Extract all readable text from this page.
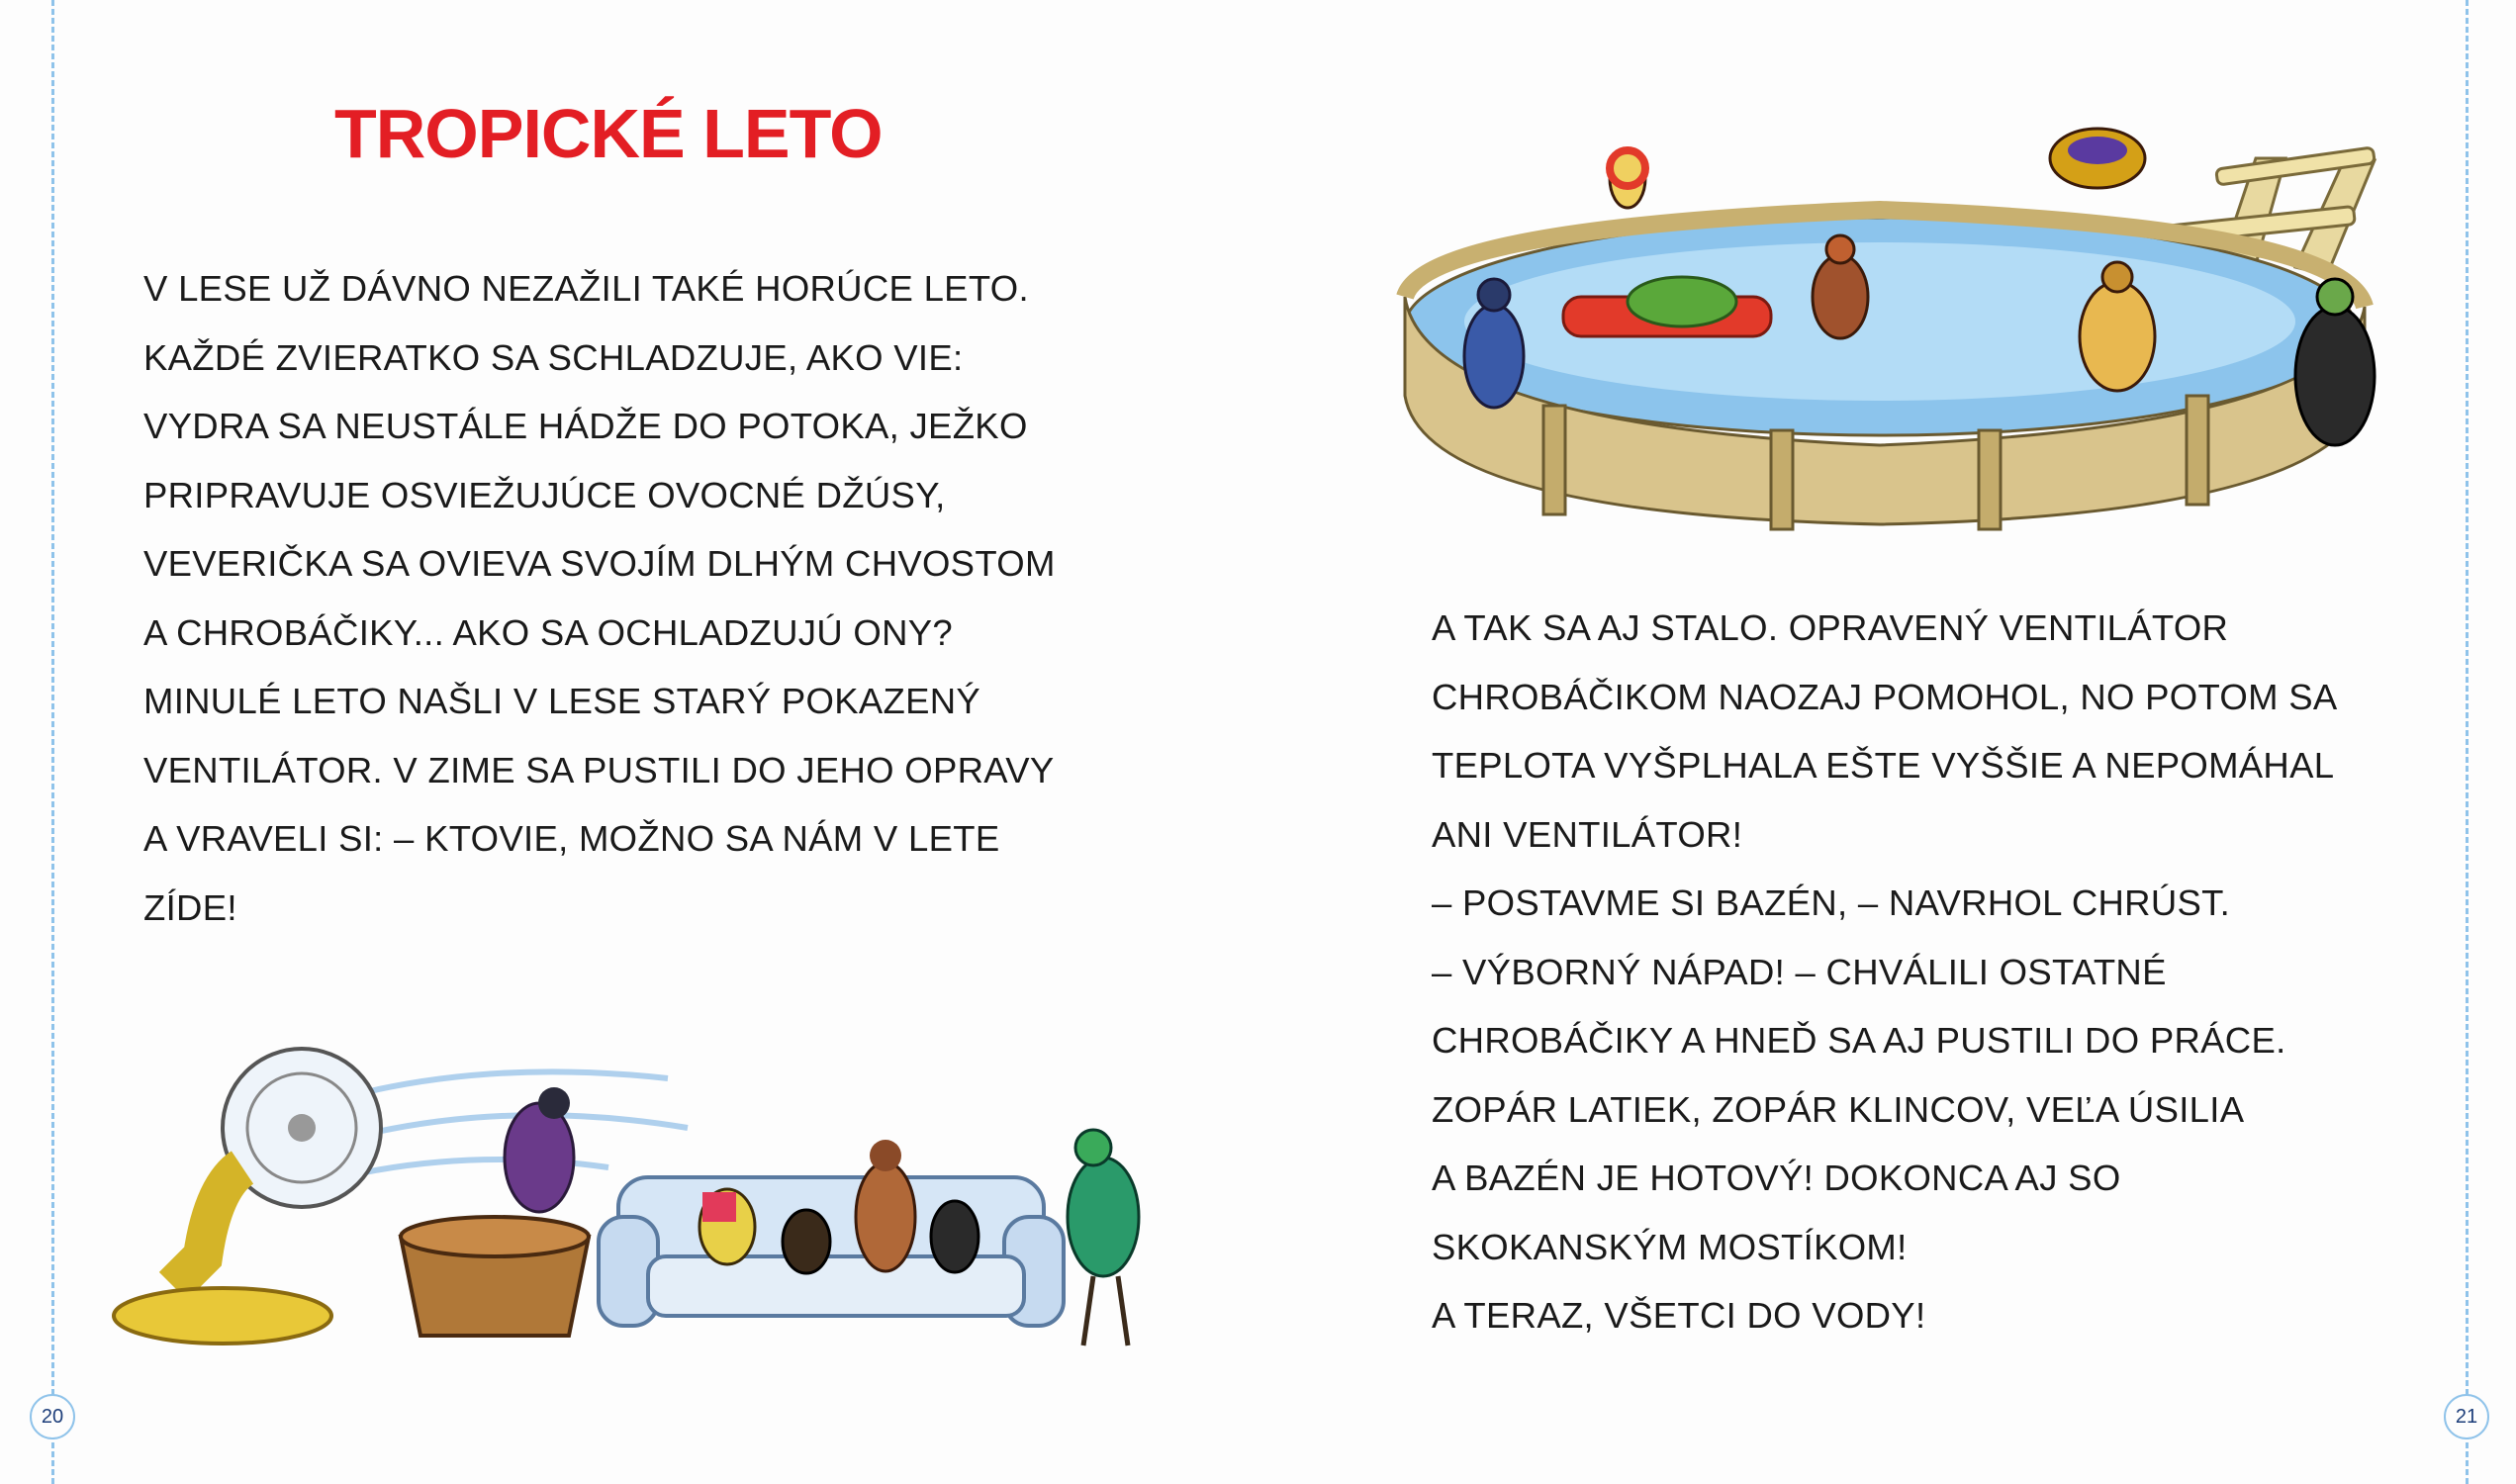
TROPICKÉ LETO
V LESE UŽ DÁVNO NEZAŽILI TAKÉ HORÚCE LETO.
KAŽDÉ ZVIERATKO SA SCHLADZUJE, AKO VIE:
VYDRA SA NEUSTÁLE HÁDŽE DO POTOKA, JEŽKO
PRIPRAVUJE OSVIEŽUJÚCE OVOCNÉ DŽÚSY,
VEVERIČKA SA OVIEVA SVOJÍM DLHÝM CHVOSTOM
A CHROBÁČIKY... AKO SA OCHLADZUJÚ ONY?
MINULÉ LETO NAŠLI V LESE STARÝ POKAZENÝ
VENTILÁTOR. V ZIME SA PUSTILI DO JEHO OPRAVY
A VRAVELI SI: – KTOVIE, MOŽNO SA NÁM V LETE
ZÍDE!
A TAK SA AJ STALO. OPRAVENÝ VENTILÁTOR
CHROBÁČIKOM NAOZAJ POMOHOL, NO POTOM SA
TEPLOTA VYŠPLHALA EŠTE VYŠŠIE A NEPOMÁHAL
ANI VENTILÁTOR!
– POSTAVME SI BAZÉN, – NAVRHOL CHRÚST.
– VÝBORNÝ NÁPAD! – CHVÁLILI OSTATNÉ
CHROBÁČIKY A HNEĎ SA AJ PUSTILI DO PRÁCE.
ZOPÁR LATIEK, ZOPÁR KLINCOV, VEĽA ÚSILIA
A BAZÉN JE HOTOVÝ! DOKONCA AJ SO
SKOKANSKÝM MOSTÍKOM!
A TERAZ, VŠETCI DO VODY!
20	21
